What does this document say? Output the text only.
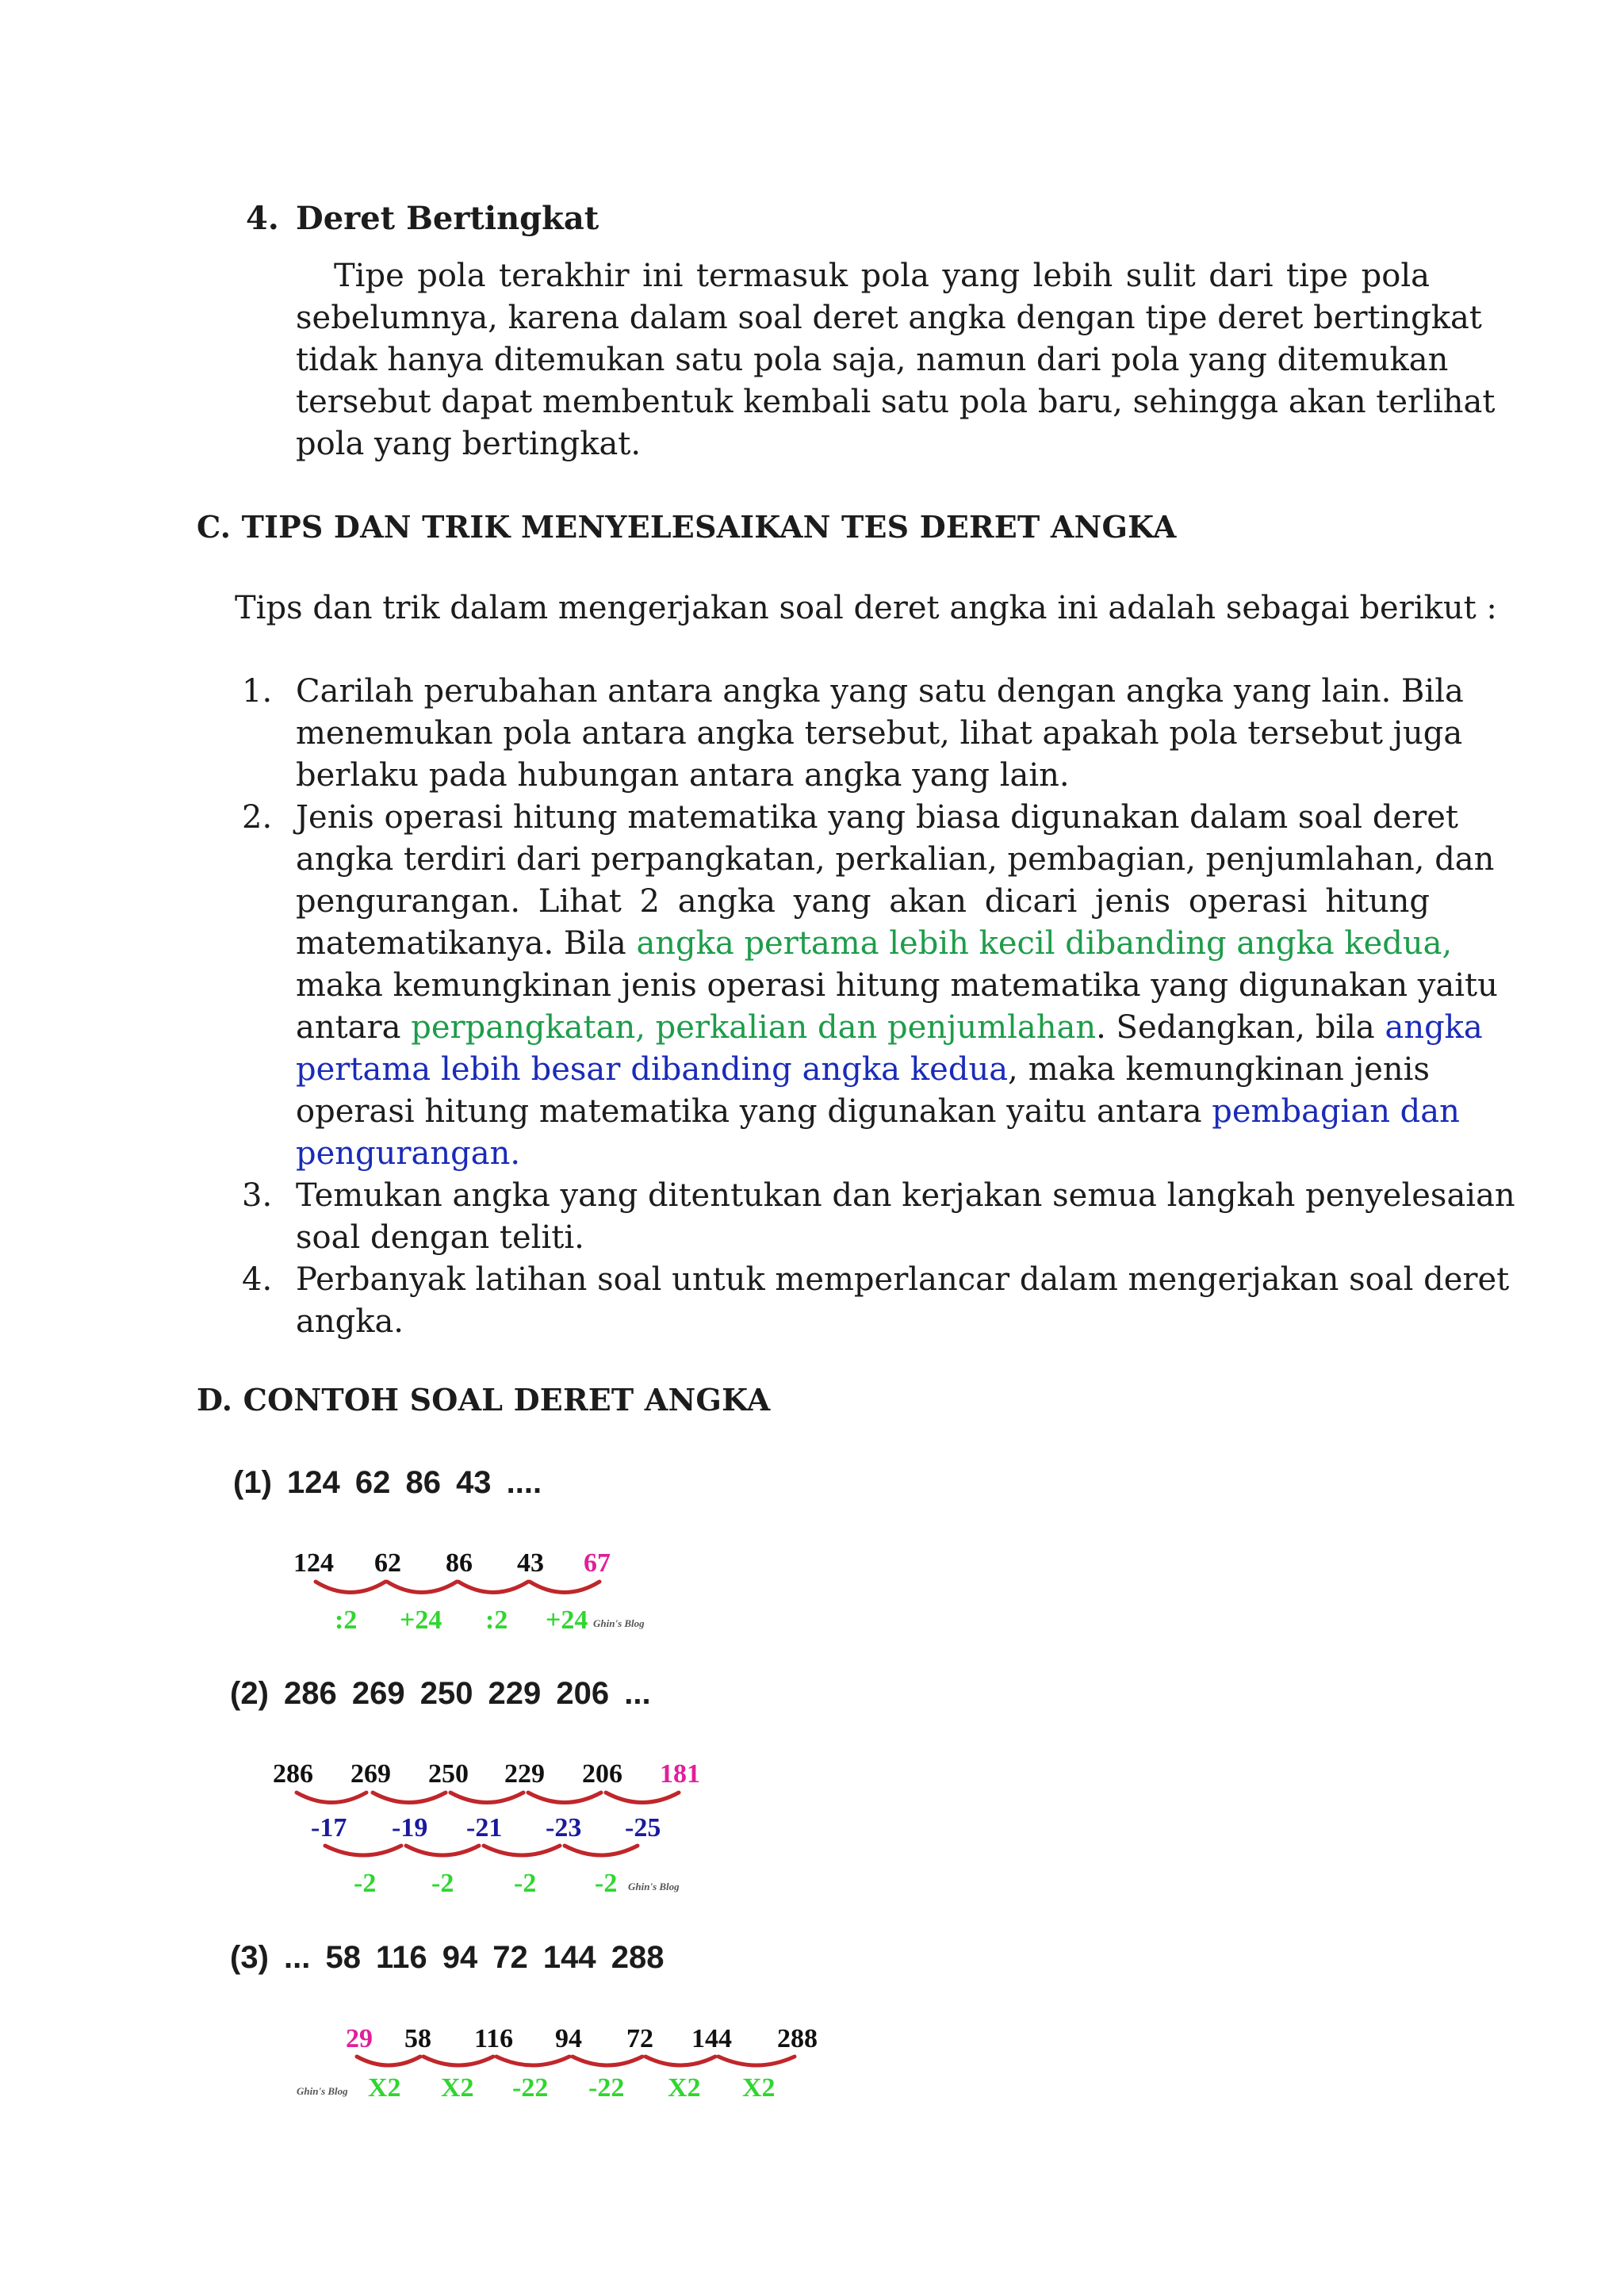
4. Deret Bertingkat
Tipe pola terakhir ini termasuk pola yang lebih sulit dari tipe pola
sebelumnya, karena dalam soal deret angka dengan tipe deret bertingkat
tidak hanya ditemukan satu pola saja, namun dari pola yang ditemukan
tersebut dapat membentuk kembali satu pola baru, sehingga akan terlihat
pola yang bertingkat.
C. TIPS DAN TRIK MENYELESAIKAN TES DERET ANGKA
Tips dan trik dalam mengerjakan soal deret angka ini adalah sebagai berikut :
1. Carilah perubahan antara angka yang satu dengan angka yang lain. Bila
menemukan pola antara angka tersebut, lihat apakah pola tersebut juga
berlaku pada hubungan antara angka yang lain.
2. Jenis operasi hitung matematika yang biasa digunakan dalam soal deret
angka terdiri dari perpangkatan, perkalian, pembagian, penjumlahan, dan
pengurangan. Lihat 2 angka yang akan dicari jenis operasi hitung
matematikanya. Bila angka pertama lebih kecil dibanding angka kedua,
maka kemungkinan jenis operasi hitung matematika yang digunakan yaitu
antara perpangkatan, perkalian dan penjumlahan. Sedangkan, bila angka
pertama lebih besar dibanding angka kedua, maka kemungkinan jenis
operasi hitung matematika yang digunakan yaitu antara pembagian dan
pengurangan.
3. Temukan angka yang ditentukan dan kerjakan semua langkah penyelesaian
soal dengan teliti.
4. Perbanyak latihan soal untuk memperlancar dalam mengerjakan soal deret
angka.
D. CONTOH SOAL DERET ANGKA
(1) 124 62 86 43 ....
124 62 86 43 67
:2 +24 :2 +24 Ghin's Blog
(2) 286 269 250 229 206 ...
286 269 250 229 206 181
-17 -19 -21 -23 -25
-2 -2 -2 -2 Ghin's Blog
(3) ... 58 116 94 72 144 288
29 58 116 94 72 144 288
X2 X2 -22 -22 X2 X2
Ghin's Blog
